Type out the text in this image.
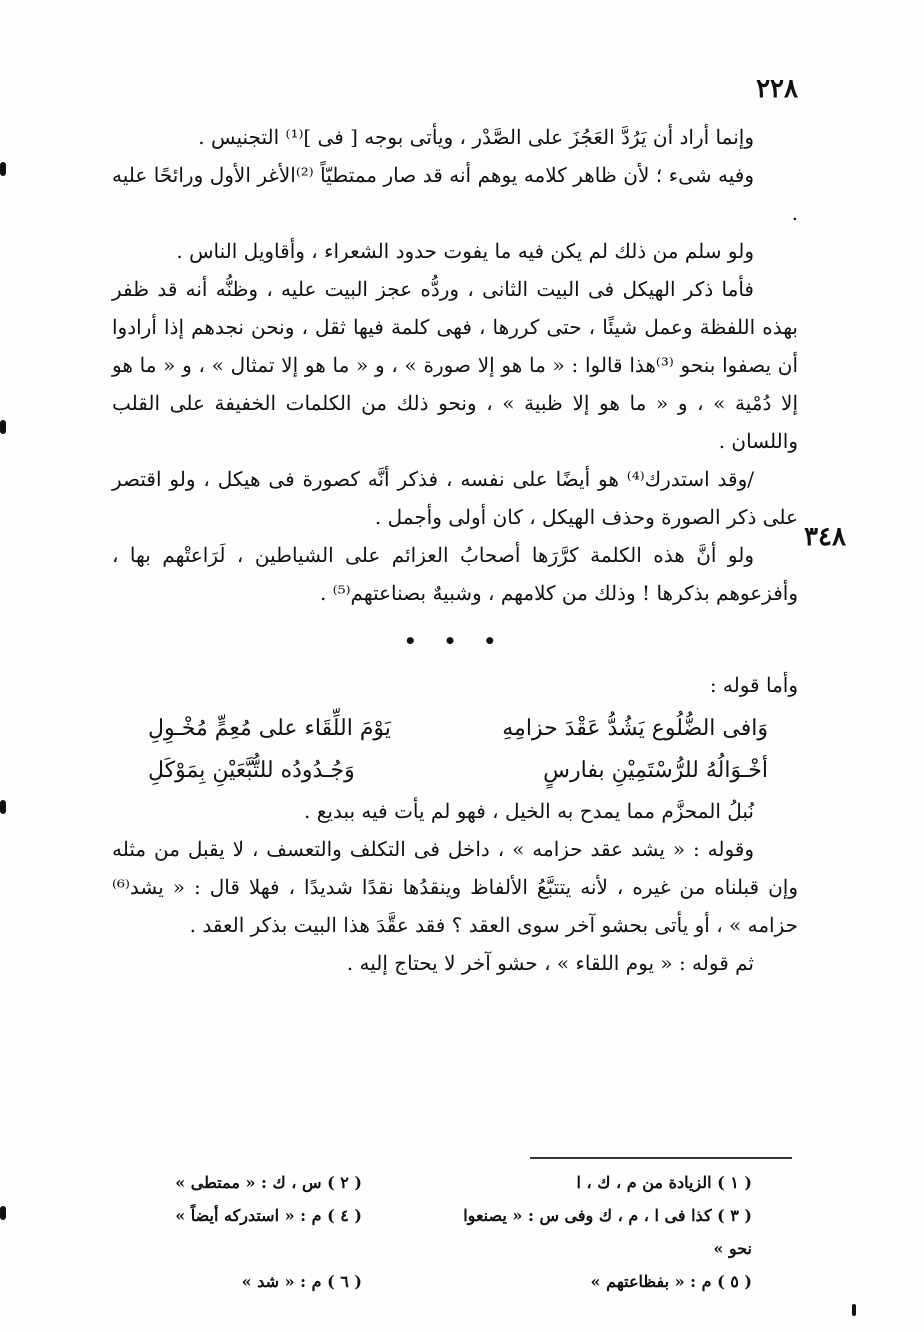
٢٢٨
٣٤٨

وإنما أراد أن يَرُدَّ العَجُزَ على الصَّدْر ، ويأتى بوجه [ فى ]⁽¹⁾ التجنيس .

وفيه شىء ؛ لأن ظاهر كلامه يوهم أنه قد صار ممتطيّاً ⁽²⁾الأغر الأول ورائحًا عليه .

ولو سلم من ذلك لم يكن فيه ما يفوت حدود الشعراء ، وأقاويل الناس .

فأما ذكر الهيكل فى البيت الثانى ، وردُّه عجز البيت عليه ، وظنُّه أنه قد ظفر بهذه اللفظة وعمل شيئًا ، حتى كررها ، فهى كلمة فيها ثقل ، ونحن نجدهم إذا أرادوا أن يصفوا بنحو ⁽³⁾هذا قالوا : « ما هو إلا صورة » ، و « ما هو إلا تمثال » ، و « ما هو إلا دُمْية » ، و « ما هو إلا ظبية » ، ونحو ذلك من الكلمات الخفيفة على القلب واللسان .

/وقد استدرك⁽⁴⁾ هو أيضًا على نفسه ، فذكر أنَّه كصورة فى هيكل ، ولو اقتصر على ذكر الصورة وحذف الهيكل ، كان أولى وأجمل .

ولو أنَّ هذه الكلمة كرَّرَها أصحابُ العزائم على الشياطين ، لَرَاعتْهم بها ، وأفزعوهم بذكرها ! وذلك من كلامهم ، وشبيهٌ بصناعتهم⁽⁵⁾ .

• • •

وأما قوله :

وَافى الضُّلُوع يَشُدُّ عَقْدَ حزامِهِ
يَوْمَ اللِّقَاء على مُعِمٍّ مُخْـوِلِ
أخْـوَالُهُ للرُّسْتَمِيْنِ بفارسٍ
وَجُـدُودُه للتُّبَّعَيْنِ بِمَوْكَلِ

نُبلُ المحزَّم مما يمدح به الخيل ، فهو لم يأت فيه ببديع .

وقوله : « يشد عقد حزامه » ، داخل فى التكلف والتعسف ، لا يقبل من مثله وإن قبلناه من غيره ، لأنه يتتبَّعُ الألفاظ وينقدُها نقدًا شديدًا ، فهلا قال : « يشد⁽⁶⁾ حزامه » ، أو يأتى بحشو آخر سوى العقد ؟ فقد عقَّدَ هذا البيت بذكر العقد .

ثم قوله : « يوم اللقاء » ، حشو آخر لا يحتاج إليه .

( ١ ) الزيادة من م ، ك ، ا
( ٢ ) س ، ك : « ممتطى »
( ٣ ) كذا فى ا ، م ، ك وفى س : « يصنعوا نحو »
( ٤ ) م : « استدركه أيضاً »
( ٥ ) م : « بفظاعتهم »
( ٦ ) م : « شد »
